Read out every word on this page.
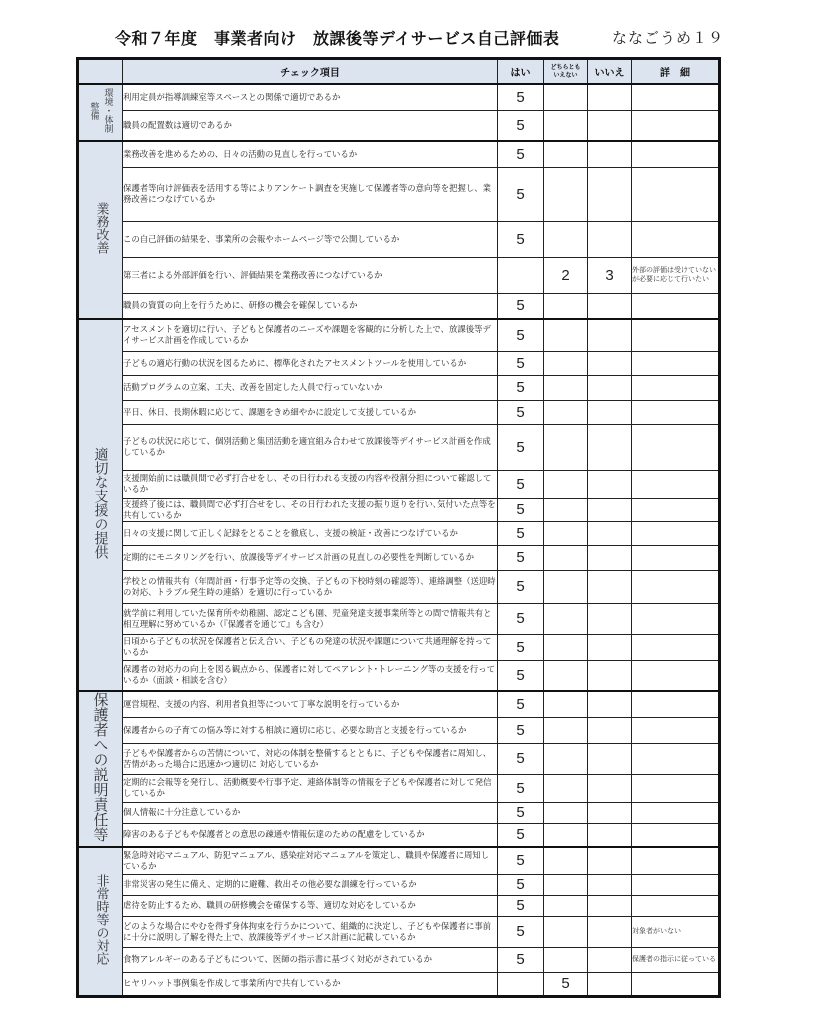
令和７年度　事業者向け　放課後等デイサービス自己評価表	ななごうめ１９
	チェック項目	はい	どちらとも
いえない	いいえ	詳　細
環境・体制整備	利用定員が指導訓練室等スペースとの関係で適切であるか	5			
	職員の配置数は適切であるか	5			
業務改善	業務改善を進めるための、日々の活動の見直しを行っているか	5			
	保護者等向け評価表を活用する等によりアンケート調査を実施して保護者等の意向等を把握し、業務改善につなげているか	5			
	この自己評価の結果を、事業所の会報やホームページ等で公開しているか	5			
	第三者による外部評価を行い、評価結果を業務改善につなげているか		2	3	外部の評価は受けていないが必要に応じて行いたい
	職員の資質の向上を行うために、研修の機会を確保しているか	5			
適切な支援の提供	アセスメントを適切に行い、子どもと保護者のニーズや課題を客観的に分析した上で、放課後等デイサービス計画を作成しているか	5			
	子どもの適応行動の状況を図るために、標準化されたアセスメントツールを使用しているか	5			
	活動プログラムの立案、工夫、改善を固定した人員で行っていないか	5			
	平日、休日、長期休暇に応じて、課題をきめ細やかに設定して支援しているか	5			
	子どもの状況に応じて、個別活動と集団活動を適宜組み合わせて放課後等デイサービス計画を作成しているか	5			
	支援開始前には職員間で必ず打合せをし、その日行われる支援の内容や役割分担について確認しているか	5			
	支援終了後には、職員間で必ず打合せをし、その日行われた支援の振り返りを行い､気付いた点等を共有しているか	5			
	日々の支援に関して正しく記録をとることを徹底し、支援の検証・改善につなげているか	5			
	定期的にモニタリングを行い、放課後等デイサービス計画の見直しの必要性を判断しているか	5			
	学校との情報共有（年間計画・行事予定等の交換、子どもの下校時刻の確認等）、連絡調整（送迎時の対応、トラブル発生時の連絡）を適切に行っているか	5			
	就学前に利用していた保育所や幼稚園、認定こども園、児童発達支援事業所等との間で情報共有と相互理解に努めているか（『保護者を通じて』も含む）	5			
	日頃から子どもの状況を保護者と伝え合い、子どもの発達の状況や課題について共通理解を持っているか	5			
	保護者の対応力の向上を図る観点から、保護者に対してペアレント･トレーニング等の支援を行っているか（面談・相談を含む）	5			
保護者への説明責任等	運営規程、支援の内容、利用者負担等について丁寧な説明を行っているか	5			
	保護者からの子育ての悩み等に対する相談に適切に応じ、必要な助言と支援を行っているか	5			
	子どもや保護者からの苦情について、対応の体制を整備するとともに、子どもや保護者に周知し、苦情があった場合に迅速かつ適切に 対応しているか	5			
	定期的に会報等を発行し、活動概要や行事予定、連絡体制等の情報を子どもや保護者に対して発信しているか	5			
	個人情報に十分注意しているか	5			
	障害のある子どもや保護者との意思の疎通や情報伝達のための配慮をしているか	5			
非常時等の対応	緊急時対応マニュアル、防犯マニュアル、感染症対応マニュアルを策定し、職員や保護者に周知しているか	5			
	非常災害の発生に備え、定期的に避難、救出その他必要な訓練を行っているか	5			
	虐待を防止するため、職員の研修機会を確保する等、適切な対応をしているか	5			
	どのような場合にやむを得ず身体拘束を行うかについて、組織的に決定し、子どもや保護者に事前に十分に説明し了解を得た上で、放課後等デイサービス計画に記載しているか	5			対象者がいない
	食物アレルギーのある子どもについて、医師の指示書に基づく対応がされているか	5			保護者の指示に従っている
	ヒヤリハット事例集を作成して事業所内で共有しているか		5		
